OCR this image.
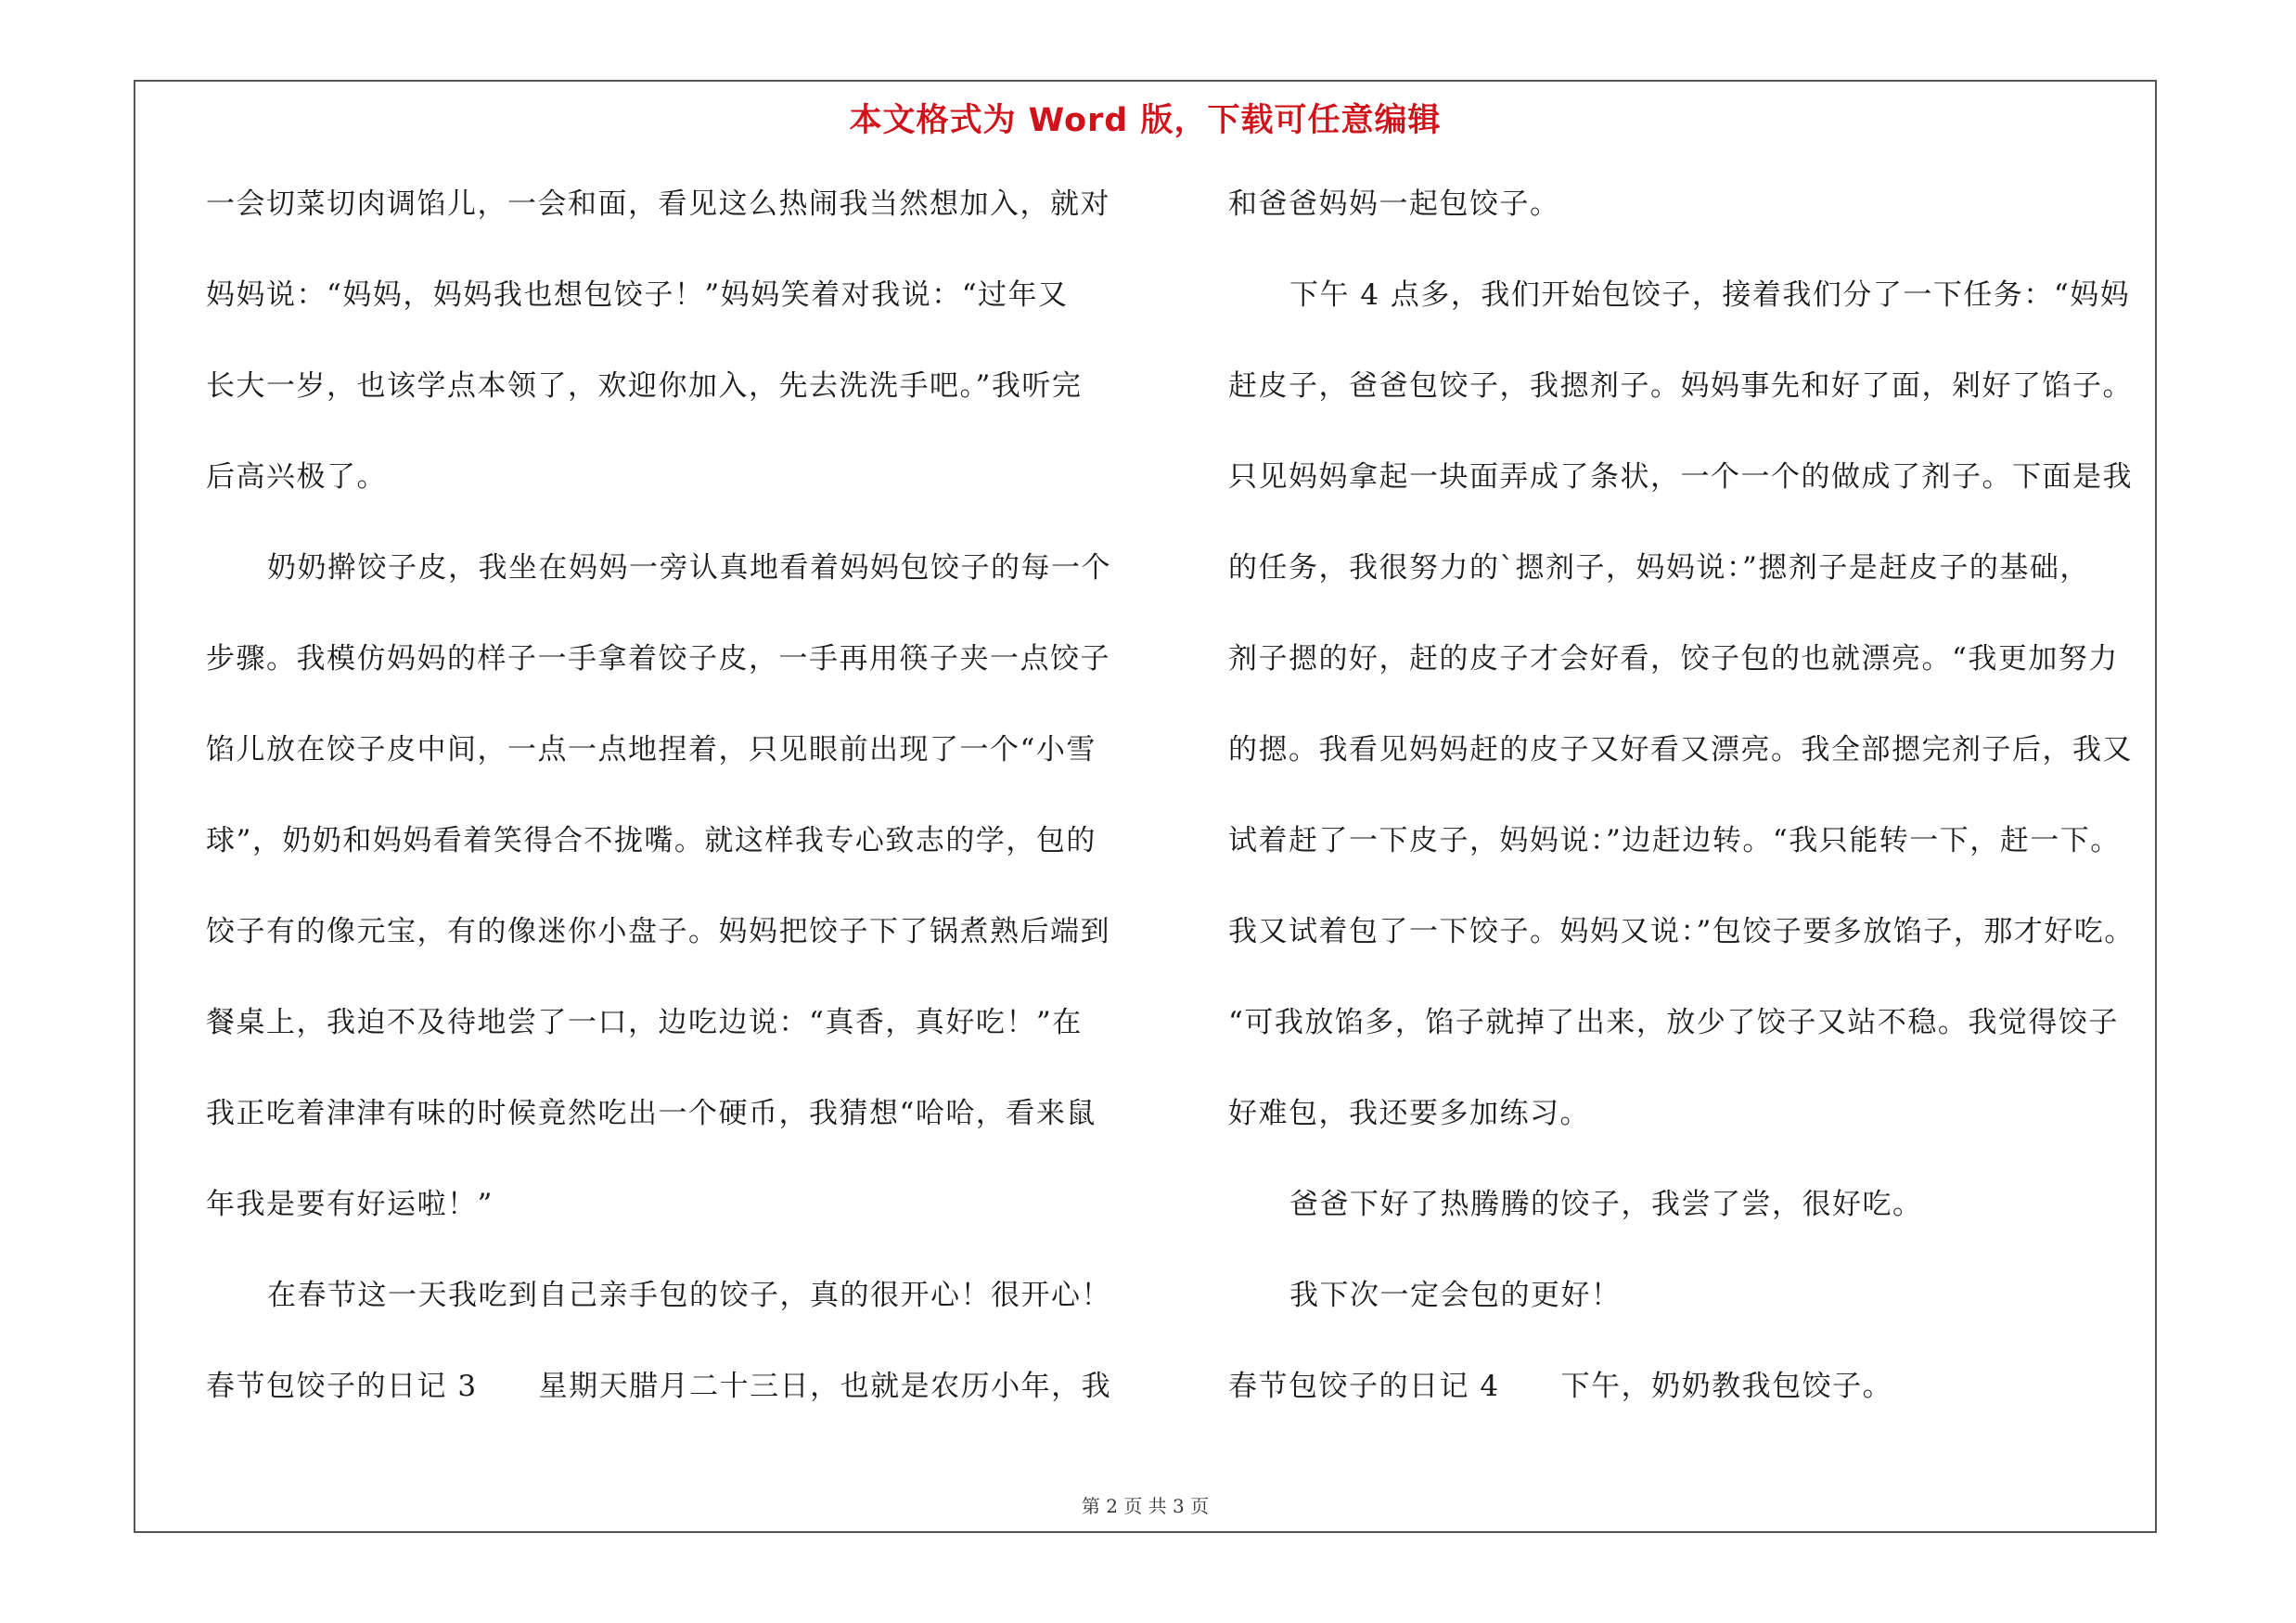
本文格式为 Word 版，下载可任意编辑
第 2 页 共 3 页
一会切菜切肉调馅儿，一会和面，看见这么热闹我当然想加入，就对
妈妈说：“妈妈，妈妈我也想包饺子！”妈妈笑着对我说：“过年又
长大一岁，也该学点本领了，欢迎你加入，先去洗洗手吧。”我听完
后高兴极了。
奶奶擀饺子皮，我坐在妈妈一旁认真地看着妈妈包饺子的每一个
步骤。我模仿妈妈的样子一手拿着饺子皮，一手再用筷子夹一点饺子
馅儿放在饺子皮中间，一点一点地捏着，只见眼前出现了一个“小雪
球”，奶奶和妈妈看着笑得合不拢嘴。就这样我专心致志的学，包的
饺子有的像元宝，有的像迷你小盘子。妈妈把饺子下了锅煮熟后端到
餐桌上，我迫不及待地尝了一口，边吃边说：“真香，真好吃！”在
我正吃着津津有味的时候竟然吃出一个硬币，我猜想“哈哈，看来鼠
年我是要有好运啦！”
在春节这一天我吃到自己亲手包的饺子，真的很开心！很开心！
春节包饺子的日记 3 星期天腊月二十三日，也就是农历小年，我
和爸爸妈妈一起包饺子。
下午 4 点多，我们开始包饺子，接着我们分了一下任务：“妈妈
赶皮子，爸爸包饺子，我摁剂子。妈妈事先和好了面，剁好了馅子。
只见妈妈拿起一块面弄成了条状，一个一个的做成了剂子。下面是我
的任务，我很努力的`摁剂子，妈妈说：”摁剂子是赶皮子的基础，
剂子摁的好，赶的皮子才会好看，饺子包的也就漂亮。“我更加努力
的摁。我看见妈妈赶的皮子又好看又漂亮。我全部摁完剂子后，我又
试着赶了一下皮子，妈妈说：”边赶边转。“我只能转一下，赶一下。
我又试着包了一下饺子。妈妈又说：”包饺子要多放馅子，那才好吃。
“可我放馅多，馅子就掉了出来，放少了饺子又站不稳。我觉得饺子
好难包，我还要多加练习。
爸爸下好了热腾腾的饺子，我尝了尝，很好吃。
我下次一定会包的更好！
春节包饺子的日记 4 下午，奶奶教我包饺子。
